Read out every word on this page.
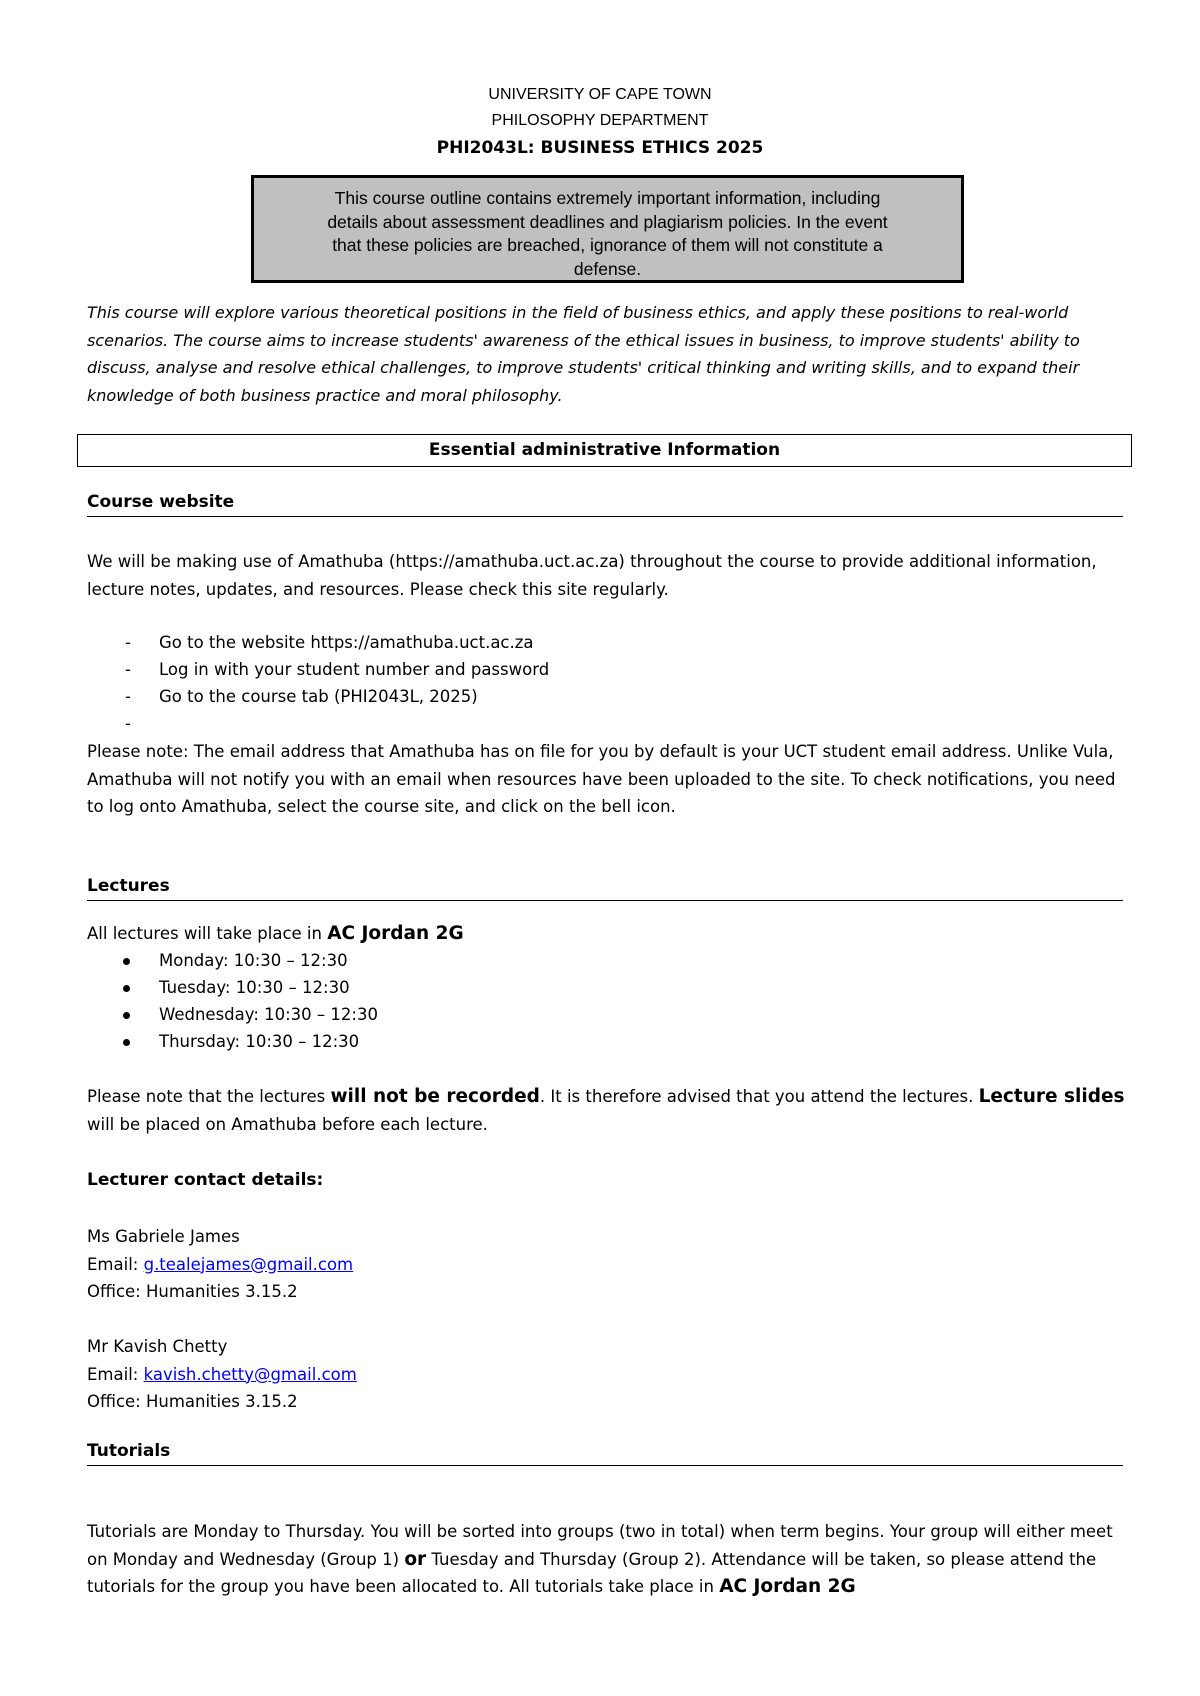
UNIVERSITY OF CAPE TOWN
PHILOSOPHY DEPARTMENT
PHI2043L: BUSINESS ETHICS 2025
This course outline contains extremely important information, including details about assessment deadlines and plagiarism policies. In the event that these policies are breached, ignorance of them will not constitute a defense.
This course will explore various theoretical positions in the field of business ethics, and apply these positions to real-world scenarios. The course aims to increase students' awareness of the ethical issues in business, to improve students' ability to discuss, analyse and resolve ethical challenges, to improve students' critical thinking and writing skills, and to expand their knowledge of both business practice and moral philosophy.
Essential administrative Information
Course website
We will be making use of Amathuba (https://amathuba.uct.ac.za) throughout the course to provide additional information, lecture notes, updates, and resources. Please check this site regularly.
- Go to the website https://amathuba.uct.ac.za
- Log in with your student number and password
- Go to the course tab (PHI2043L, 2025)
-
Please note: The email address that Amathuba has on file for you by default is your UCT student email address. Unlike Vula, Amathuba will not notify you with an email when resources have been uploaded to the site. To check notifications, you need to log onto Amathuba, select the course site, and click on the bell icon.
Lectures
All lectures will take place in AC Jordan 2G
Monday: 10:30 – 12:30
Tuesday: 10:30 – 12:30
Wednesday: 10:30 – 12:30
Thursday: 10:30 – 12:30
Please note that the lectures will not be recorded. It is therefore advised that you attend the lectures. Lecture slides will be placed on Amathuba before each lecture.
Lecturer contact details:
Ms Gabriele James
Email: g.tealejames@gmail.com
Office: Humanities 3.15.2
Mr Kavish Chetty
Email: kavish.chetty@gmail.com
Office: Humanities 3.15.2
Tutorials
Tutorials are Monday to Thursday. You will be sorted into groups (two in total) when term begins. Your group will either meet on Monday and Wednesday (Group 1) or Tuesday and Thursday (Group 2). Attendance will be taken, so please attend the tutorials for the group you have been allocated to. All tutorials take place in AC Jordan 2G
